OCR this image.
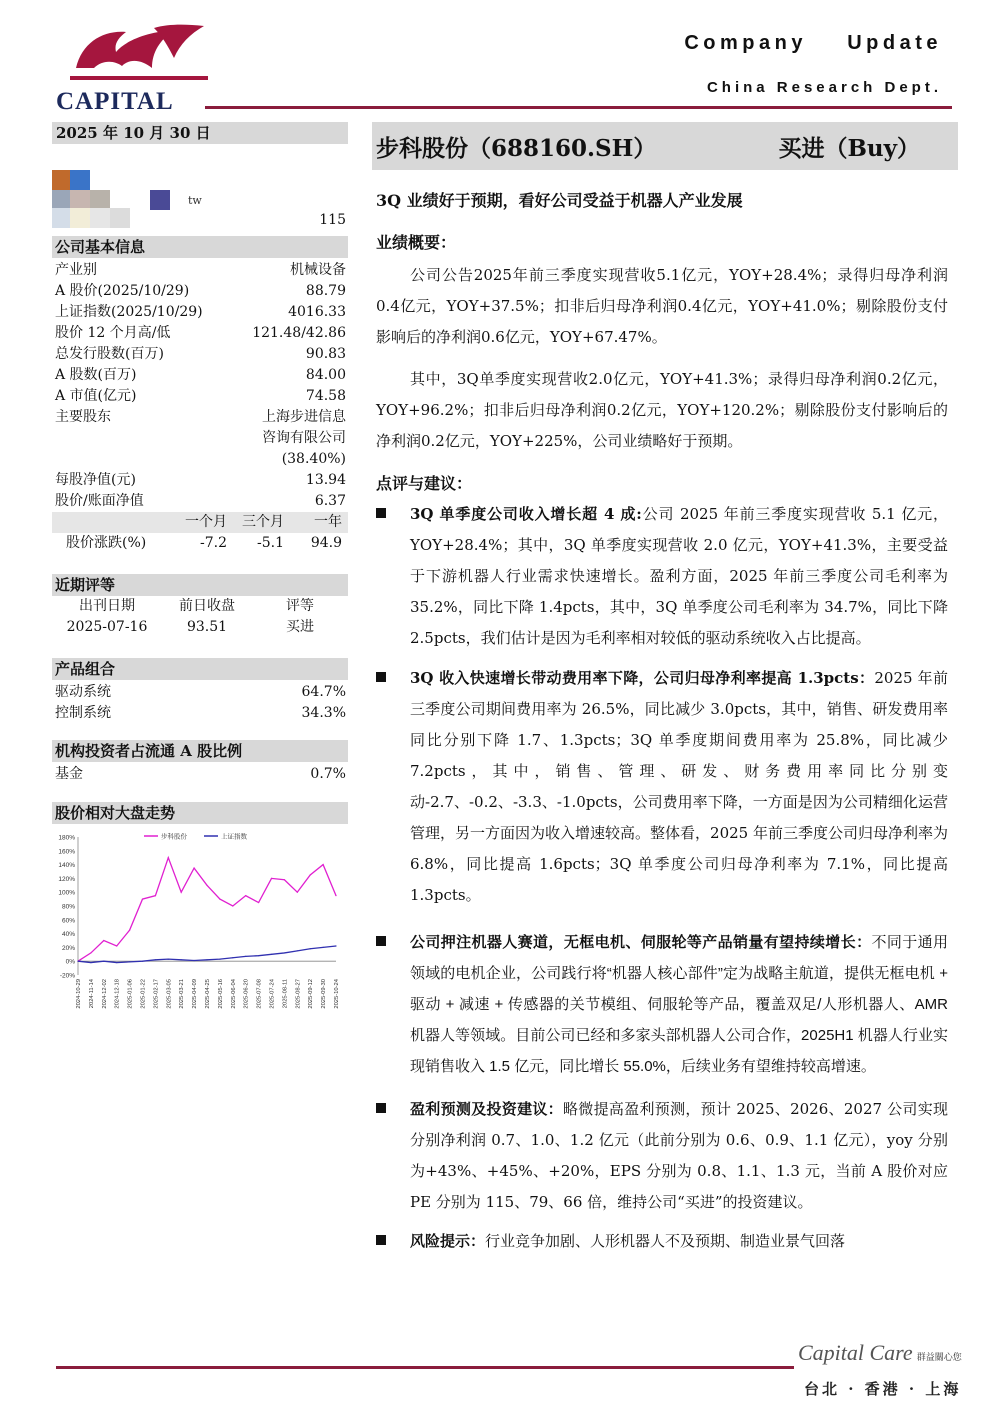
CAPITAL
Company    Update
China Research Dept.
2025 年 10 月 30 日
tw
115
公司基本信息
产业别	机械设备
A 股价(2025/10/29)	88.79
上证指数(2025/10/29)	4016.33
股价 12 个月高/低	121.48/42.86
总发行股数(百万)	90.83
A 股数(百万)	84.00
A 市值(亿元)	74.58
主要股东	上海步进信息
咨询有限公司
(38.40%)
每股净值(元)	13.94
股价/账面净值	6.37
一个月	三个月	一年
股价涨跌(%)	-7.2	-5.1	94.9
近期评等
出刊日期	前日收盘	评等
2025-07-16	93.51	买进
产品组合
驱动系统	64.7%
控制系统	34.3%
机构投资者占流通 A 股比例
基金	0.7%
股价相对大盘走势
180%
160%
140%
120%
100%
80%
60%
40%
20%
0%
-20%
2024-10-29 2024-11-14 2024-12-02 2024-12-18 2025-01-06 2025-01-22 2025-02-17 2025-03-05 2025-03-21 2025-04-09 2025-04-25 2025-05-16 2025-06-04 2025-06-20 2025-07-08 2025-07-24 2025-08-11 2025-08-27 2025-09-12 2025-09-30 2025-10-24
步科股份	上证指数
步科股份（688160.SH）	买进（Buy）
3Q 业绩好于预期，看好公司受益于机器人产业发展
业绩概要：

公司公告2025年前三季度实现营收5.1亿元，YOY+28.4%；录得归母净利润0.4亿元，YOY+37.5%；扣非后归母净利润0.4亿元，YOY+41.0%；剔除股份支付影响后的净利润0.6亿元，YOY+67.47%。

其中，3Q单季度实现营收2.0亿元，YOY+41.3%；录得归母净利润0.2亿元，YOY+96.2%；扣非后归母净利润0.2亿元，YOY+120.2%；剔除股份支付影响后的净利润0.2亿元，YOY+225%，公司业绩略好于预期。

点评与建议：
3Q 单季度公司收入增长超 4 成:公司 2025 年前三季度实现营收 5.1 亿元，YOY+28.4%；其中，3Q 单季度实现营收 2.0 亿元，YOY+41.3%，主要受益于下游机器人行业需求快速增长。盈利方面，2025 年前三季度公司毛利率为 35.2%，同比下降 1.4pcts，其中，3Q 单季度公司毛利率为 34.7%，同比下降 2.5pcts，我们估计是因为毛利率相对较低的驱动系统收入占比提高。
3Q 收入快速增长带动费用率下降，公司归母净利率提高 1.3pcts：2025 年前三季度公司期间费用率为 26.5%，同比减少 3.0pcts，其中，销售、研发费用率同比分别下降 1.7、1.3pcts；3Q 单季度期间费用率为 25.8%，同比减少 7.2pcts，其中，销售、管理、研发、财务费用率同比分别变动-2.7、-0.2、-3.3、-1.0pcts，公司费用率下降，一方面是因为公司精细化运营管理，另一方面因为收入增速较高。整体看，2025 年前三季度公司归母净利率为 6.8%，同比提高 1.6pcts；3Q 单季度公司归母净利率为 7.1%，同比提高 1.3pcts。
公司押注机器人赛道，无框电机、伺服轮等产品销量有望持续增长：不同于通用领域的电机企业，公司践行将“机器人核心部件”定为战略主航道，提供无框电机 + 驱动 + 减速 + 传感器的关节模组、伺服轮等产品，覆盖双足/人形机器人、AMR 机器人等领域。目前公司已经和多家头部机器人公司合作，2025H1 机器人行业实现销售收入 1.5 亿元，同比增长 55.0%，后续业务有望维持较高增速。
盈利预测及投资建议：略微提高盈利预测，预计 2025、2026、2027 公司实现分别净利润 0.7、1.0、1.2 亿元（此前分别为 0.6、0.9、1.1 亿元），yoy 分别为+43%、+45%、+20%，EPS 分别为 0.8、1.1、1.3 元，当前 A 股价对应 PE 分别为 115、79、66 倍，维持公司“买进”的投资建议。
风险提示：行业竞争加剧、人形机器人不及预期、制造业景气回落
Capital Care 群益關心您
台北 · 香港 · 上海
